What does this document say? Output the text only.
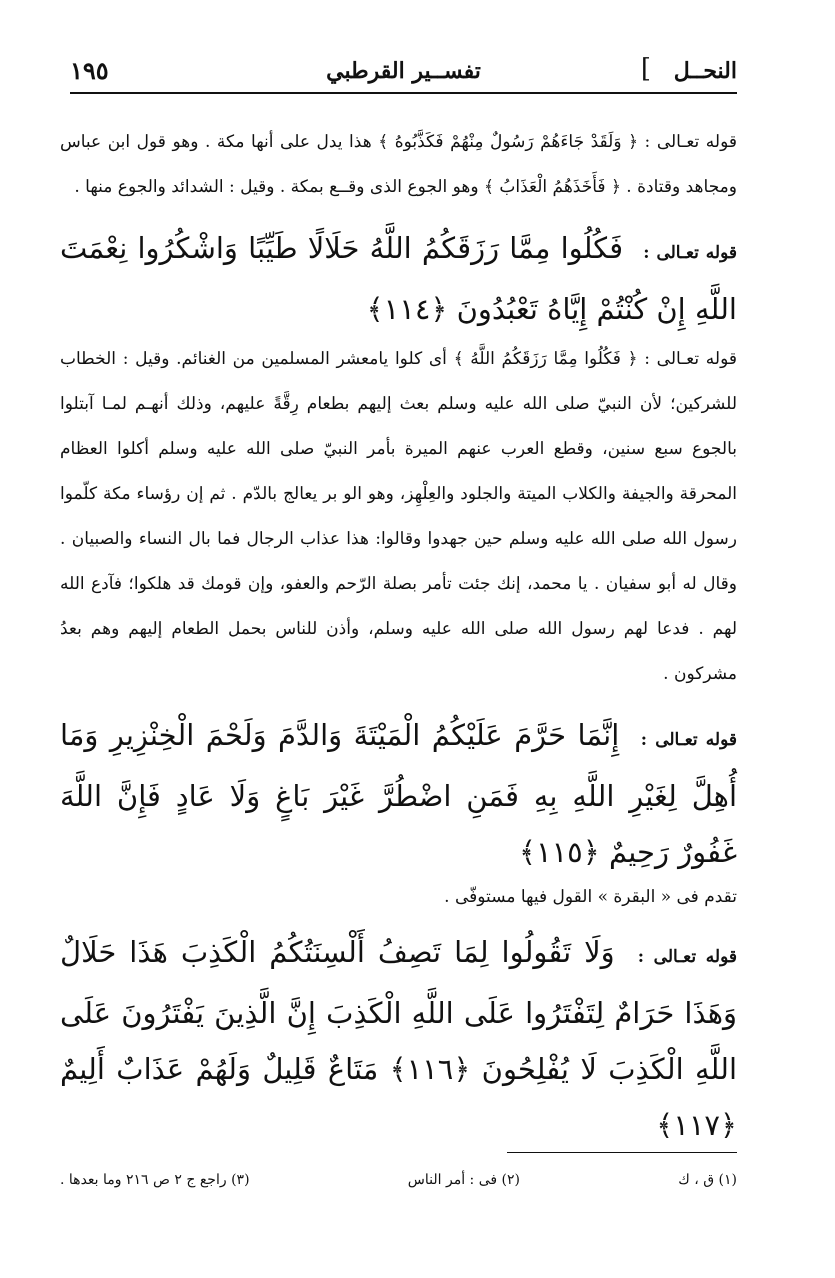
النحــل
]
تفســير القرطبي
١٩٥

قوله تعـالى : ﴿ وَلَقَدْ جَاءَهُمْ رَسُولٌ مِنْهُمْ فَكَذَّبُوهُ ﴾ هذا يدل على أنها مكة . وهو قول ابن عباس ومجاهد وقتادة . ﴿ فَأَخَذَهُمُ الْعَذَابُ ﴾ وهو الجوع الذى وقــع بمكة . وقيل : الشدائد والجوع منها .

قوله تعـالى : فَكُلُوا مِمَّا رَزَقَكُمُ اللَّهُ حَلَالًا طَيِّبًا وَاشْكُرُوا نِعْمَتَ اللَّهِ إِنْ كُنْتُمْ إِيَّاهُ تَعْبُدُونَ ﴿١١٤﴾

قوله تعـالى : ﴿ فَكُلُوا مِمَّا رَزَقَكُمُ اللَّهُ ﴾ أى كلوا يامعشر المسلمين من الغنائم. وقيل : الخطاب للشركين؛ لأن النبيّ صلى الله عليه وسلم بعث إليهم بطعام رِقَّةً عليهم، وذلك أنهـم لمـا آبتلوا بالجوع سبع سنين، وقطع العرب عنهم الميرة بأمر النبيّ صلى الله عليه وسلم أكلوا العظام المحرقة والجيفة والكلاب الميتة والجلود والعِلْهِز، وهو الو بر يعالج بالدّم . ثم إن رؤساء مكة كلّموا رسول الله صلى الله عليه وسلم حين جهدوا وقالوا: هذا عذاب الرجال فما بال النساء والصبيان . وقال له أبو سفيان . يا محمد، إنك جئت تأمر بصلة الرّحم والعفو، وإن قومك قد هلكوا؛ فآدع الله لهم . فدعا لهم رسول الله صلى الله عليه وسلم، وأذن للناس بحمل الطعام إليهم وهم بعدُ مشركون .

قوله تعـالى : إِنَّمَا حَرَّمَ عَلَيْكُمُ الْمَيْتَةَ وَالدَّمَ وَلَحْمَ الْخِنْزِيرِ وَمَا أُهِلَّ لِغَيْرِ اللَّهِ بِهِ فَمَنِ اضْطُرَّ غَيْرَ بَاغٍ وَلَا عَادٍ فَإِنَّ اللَّهَ غَفُورٌ رَحِيمٌ ﴿١١٥﴾

تقدم فى « البقرة » القول فيها مستوفّى .

قوله تعـالى : وَلَا تَقُولُوا لِمَا تَصِفُ أَلْسِنَتُكُمُ الْكَذِبَ هَذَا حَلَالٌ وَهَذَا حَرَامٌ لِتَفْتَرُوا عَلَى اللَّهِ الْكَذِبَ إِنَّ الَّذِينَ يَفْتَرُونَ عَلَى اللَّهِ الْكَذِبَ لَا يُفْلِحُونَ ﴿١١٦﴾ مَتَاعٌ قَلِيلٌ وَلَهُمْ عَذَابٌ أَلِيمٌ ﴿١١٧﴾

(١) ق ، ك
(٢) فى : أمر الناس
(٣) راجع ج ٢ ص ٢١٦ وما بعدها .
